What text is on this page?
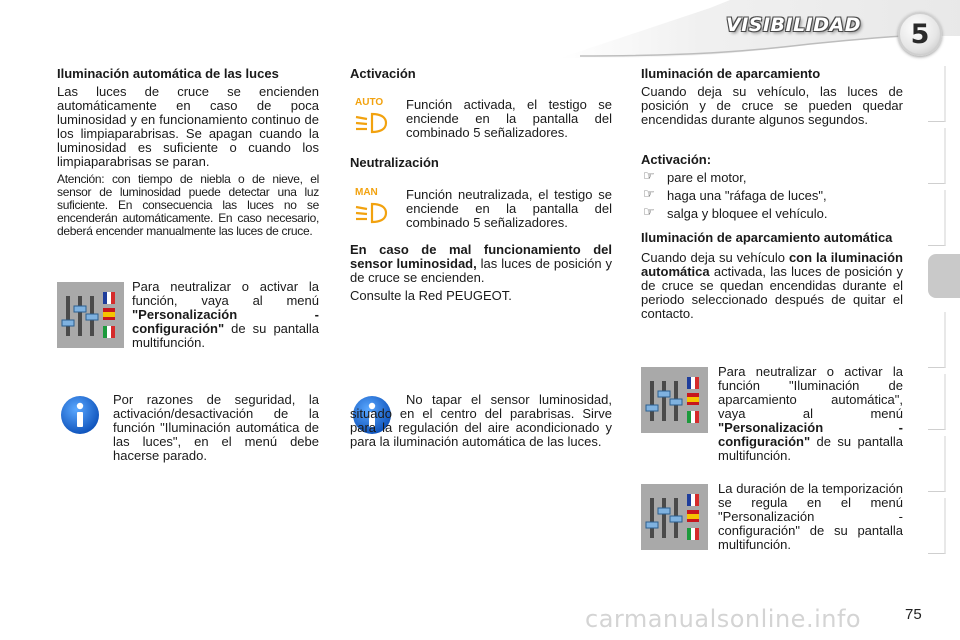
VISIBILIDAD	5

Iluminación automática de las luces

Las luces de cruce se encienden automáticamente en caso de poca luminosidad y en funcionamiento continuo de los limpiaparabrisas. Se apagan cuando la luminosidad es suficiente o cuando los limpiaparabrisas se paran.

Atención: con tiempo de niebla o de nieve, el sensor de luminosidad puede detectar una luz suficiente. En consecuencia las luces no se encenderán automáticamente. En caso necesario, deberá encender manualmente las luces de cruce.

Para neutralizar o activar la función, vaya al menú "Personalización - configuración" de su pantalla multifunción.
Por razones de seguridad, la activación/desactivación de la función "Iluminación automática de las luces", en el menú debe hacerse parado.

Activación

AUTO Función activada, el testigo se enciende en la pantalla del combinado 5 señalizadores.

Neutralización

MAN Función neutralizada, el testigo se enciende en la pantalla del combinado 5 señalizadores.

En caso de mal funcionamiento del sensor luminosidad, las luces de posición y de cruce se encienden.

Consulte la Red PEUGEOT.

No tapar el sensor luminosidad, situado en el centro del parabrisas. Sirve para la regulación del aire acondicionado y para la iluminación automática de las luces.

Iluminación de aparcamiento

Cuando deja su vehículo, las luces de posición y de cruce se pueden quedar encendidas durante algunos segundos.

Activación:

☞ pare el motor,

☞ haga una "ráfaga de luces",

☞ salga y bloquee el vehículo.

Iluminación de aparcamiento automática

Cuando deja su vehículo con la iluminación automática activada, las luces de posición y de cruce se quedan encendidas durante el periodo seleccionado después de quitar el contacto.

Para neutralizar o activar la función "Iluminación de aparcamiento automática", vaya al menú "Personalización - configuración" de su pantalla multifunción.
La duración de la temporización se regula en el menú "Personalización - configuración" de su pantalla multifunción.
carmanualsonline.info	75
